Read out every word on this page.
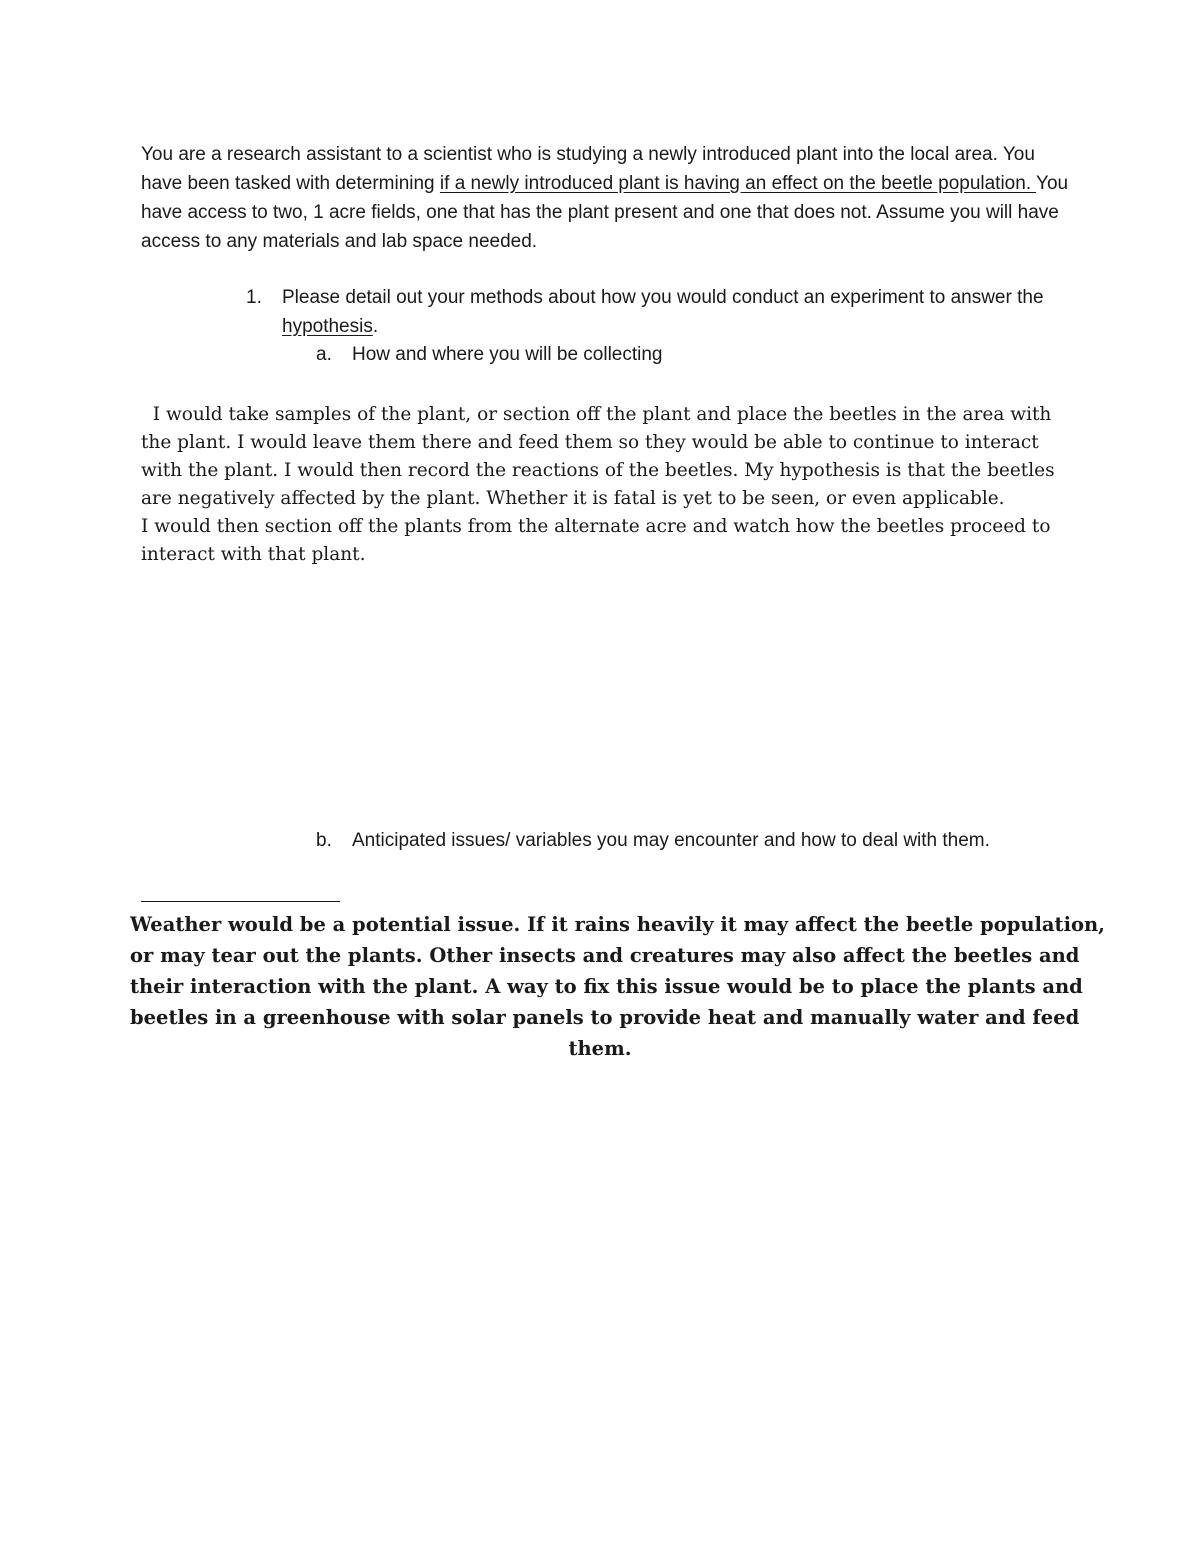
You are a research assistant to a scientist who is studying a newly introduced plant into the local area. You have been tasked with determining if a newly introduced plant is having an effect on the beetle population. You have access to two, 1 acre fields, one that has the plant present and one that does not. Assume you will have access to any materials and lab space needed.

1.	Please detail out your methods about how you would conduct an experiment to answer the hypothesis.
a.	How and where you will be collecting

I would take samples of the plant, or section off the plant and place the beetles in the area with
the plant. I would leave them there and feed them so they would be able to continue to interact
with the plant. I would then record the reactions of the beetles. My hypothesis is that the beetles
are negatively affected by the plant. Whether it is fatal is yet to be seen, or even applicable.
I would then section off the plants from the alternate acre and watch how the beetles proceed to
interact with that plant.

b.	Anticipated issues/ variables you may encounter and how to deal with them.

Weather would be a potential issue. If it rains heavily it may affect the beetle population,
or may tear out the plants. Other insects and creatures may also affect the beetles and
their interaction with the plant. A way to fix this issue would be to place the plants and
beetles in a greenhouse with solar panels to provide heat and manually water and feed
them.
